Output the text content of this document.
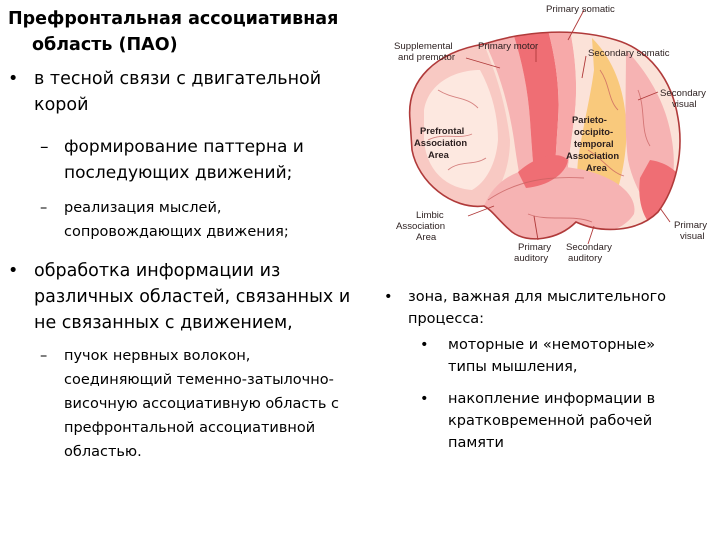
Префронтальная ассоциативная
область (ПАО)
• в тесной связи с двигательной
корой
– формирование паттерна и
последующих движений;
– реализация мыслей,
сопровождающих движения;
• обработка информации из
различных областей, связанных и
не связанных с движением,
– пучок нервных волокон,
соединяющий теменно-затылочно-
височную ассоциативную область с
префронтальной ассоциативной
областью.
• зона, важная для мыслительного
процесса:
• моторные и «немоторные»
типы мышления,
• накопление информации в
кратковременной рабочей
памяти
Supplemental
and premotor
Primary motor
Primary somatic
Secondary somatic
Secondary
visual
Prefrontal
Association
Area
Parieto-
occipito-
temporal
Association
Area
Limbic
Association
Area
Primary
auditory
Secondary
auditory
Primary
visual
